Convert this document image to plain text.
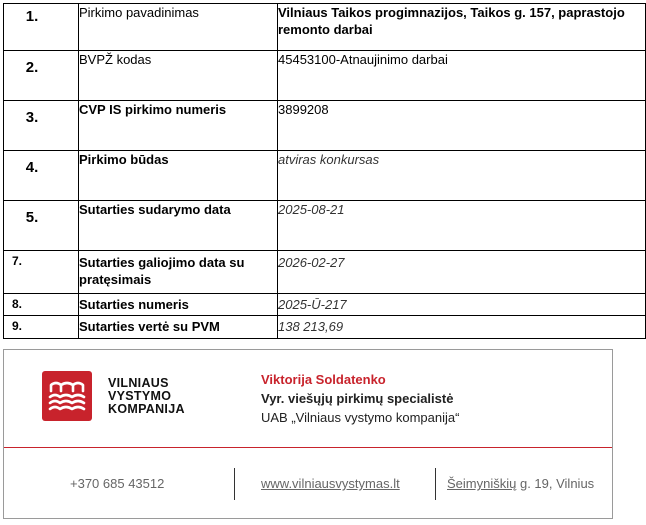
1.	Pirkimo pavadinimas	Vilniaus Taikos progimnazijos, Taikos g. 157, paprastojo remonto darbai
2.	BVPŽ kodas	45453100-Atnaujinimo darbai
3.	CVP IS pirkimo numeris	3899208
4.	Pirkimo būdas	atviras konkursas
5.	Sutarties sudarymo data	2025-08-21
7.	Sutarties galiojimo data su pratęsimais	2026-02-27
8.	Sutarties numeris	2025-Ū-217
9.	Sutarties vertė su PVM	138 213,69
VILNIAUS
VYSTYMO
KOMPANIJA
Viktorija Soldatenko
Vyr. viešųjų pirkimų specialistė
UAB „Vilniaus vystymo kompanija“
+370 685 43512	www.vilniausvystymas.lt	Šeimyniškių g. 19, Vilnius
